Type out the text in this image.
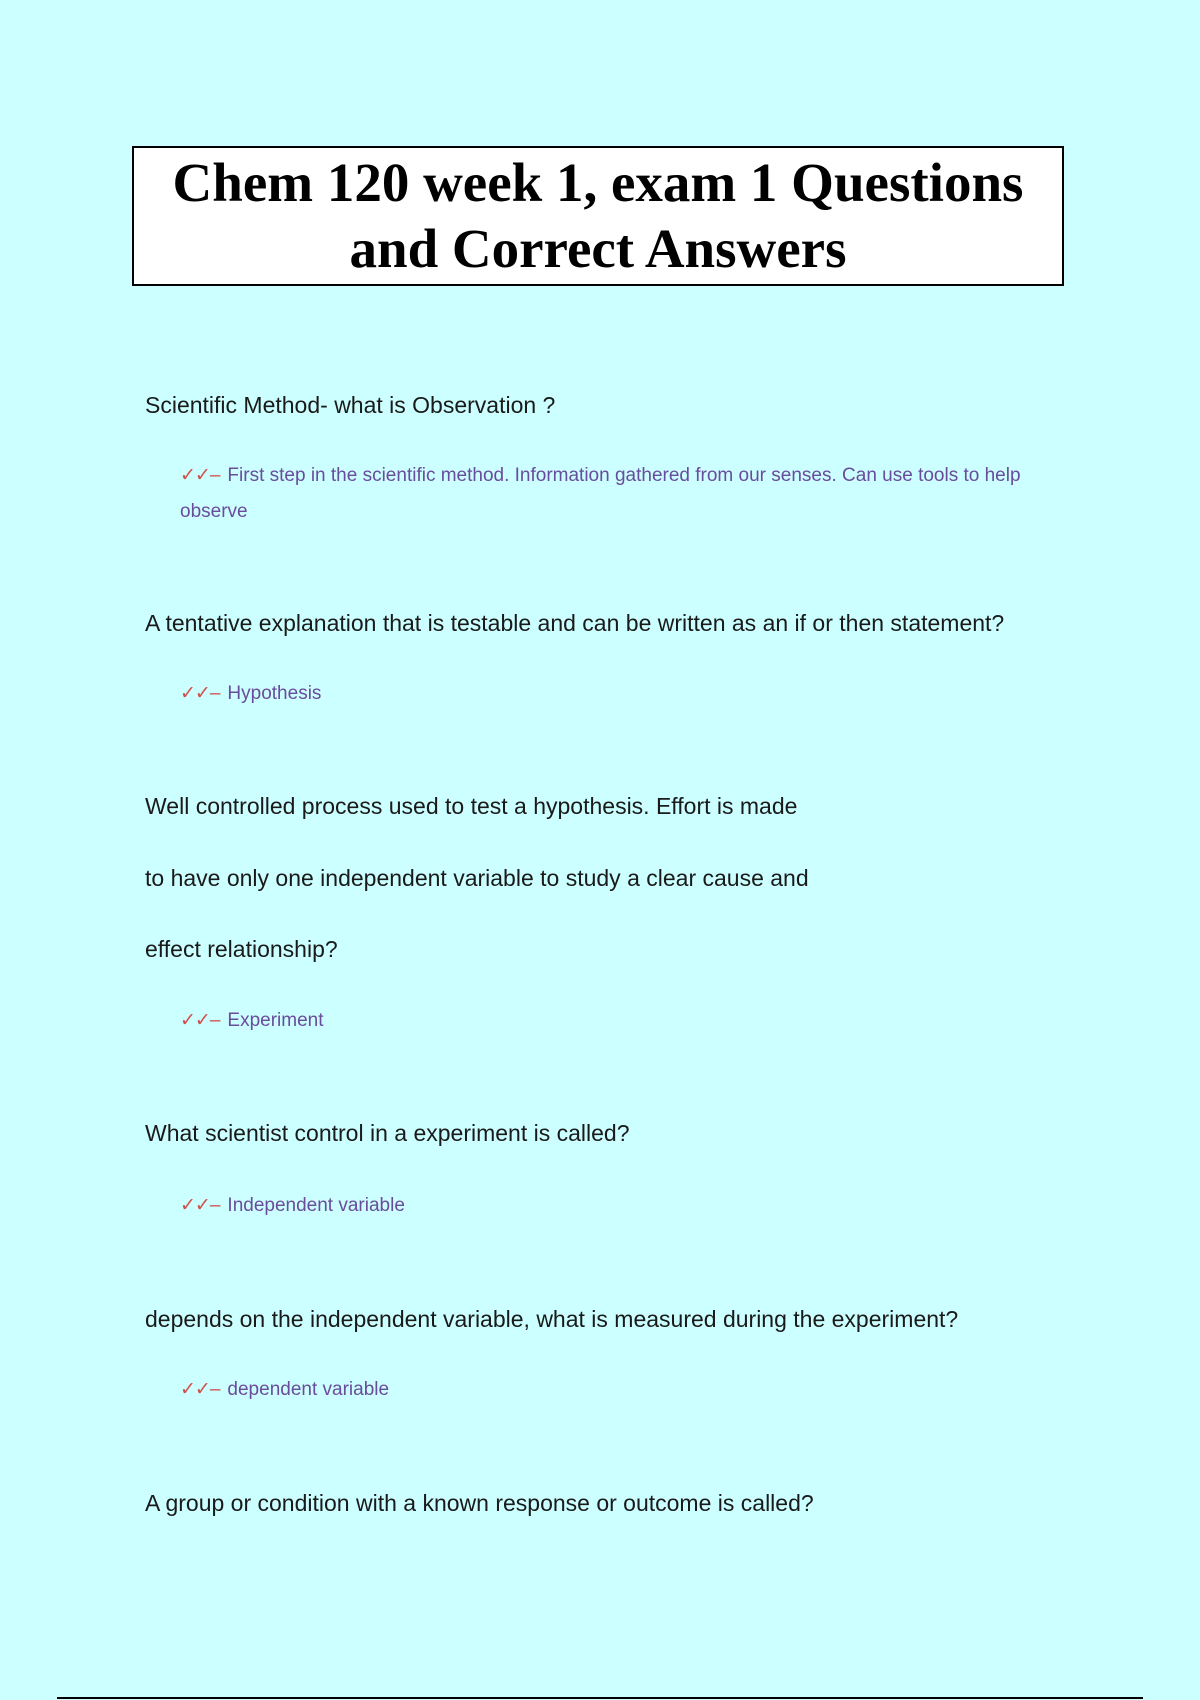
Chem 120 week 1, exam 1 Questions and Correct Answers

Scientific Method- what is Observation ?

✓✓– First step in the scientific method. Information gathered from our senses. Can use tools to help observe

A tentative explanation that is testable and can be written as an if or then statement?

✓✓– Hypothesis

Well controlled process used to test a hypothesis. Effort is made

to have only one independent variable to study a clear cause and

effect relationship?

✓✓– Experiment

What scientist control in a experiment is called?

✓✓– Independent variable

depends on the independent variable, what is measured during the experiment?

✓✓– dependent variable

A group or condition with a known response or outcome is called?
